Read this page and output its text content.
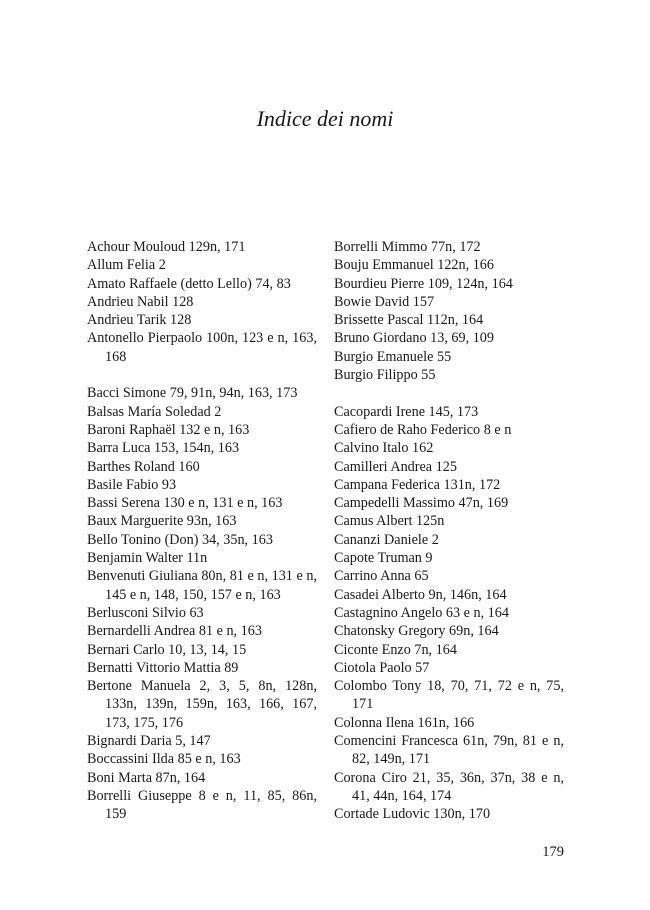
Indice dei nomi
Achour Mouloud 129n, 171
Allum Felia 2
Amato Raffaele (detto Lello) 74, 83
Andrieu Nabil 128
Andrieu Tarik 128
Antonello Pierpaolo 100n, 123 e n, 163, 168
Bacci Simone 79, 91n, 94n, 163, 173
Balsas María Soledad 2
Baroni Raphaël 132 e n, 163
Barra Luca 153, 154n, 163
Barthes Roland 160
Basile Fabio 93
Bassi Serena 130 e n, 131 e n, 163
Baux Marguerite 93n, 163
Bello Tonino (Don) 34, 35n, 163
Benjamin Walter 11n
Benvenuti Giuliana 80n, 81 e n, 131 e n, 145 e n, 148, 150, 157 e n, 163
Berlusconi Silvio 63
Bernardelli Andrea 81 e n, 163
Bernari Carlo 10, 13, 14, 15
Bernatti Vittorio Mattia 89
Bertone Manuela 2, 3, 5, 8n, 128n, 133n, 139n, 159n, 163, 166, 167, 173, 175, 176
Bignardi Daria 5, 147
Boccassini Ilda 85 e n, 163
Boni Marta 87n, 164
Borrelli Giuseppe 8 e n, 11, 85, 86n, 159
Borrelli Mimmo 77n, 172
Bouju Emmanuel 122n, 166
Bourdieu Pierre 109, 124n, 164
Bowie David 157
Brissette Pascal 112n, 164
Bruno Giordano 13, 69, 109
Burgio Emanuele 55
Burgio Filippo 55
Cacopardi Irene 145, 173
Cafiero de Raho Federico 8 e n
Calvino Italo 162
Camilleri Andrea 125
Campana Federica 131n, 172
Campedelli Massimo 47n, 169
Camus Albert 125n
Cananzi Daniele 2
Capote Truman 9
Carrino Anna 65
Casadei Alberto 9n, 146n, 164
Castagnino Angelo 63 e n, 164
Chatonsky Gregory 69n, 164
Ciconte Enzo 7n, 164
Ciotola Paolo 57
Colombo Tony 18, 70, 71, 72 e n, 75, 171
Colonna Ilena 161n, 166
Comencini Francesca 61n, 79n, 81 e n, 82, 149n, 171
Corona Ciro 21, 35, 36n, 37n, 38 e n, 41, 44n, 164, 174
Cortade Ludovic 130n, 170
179
